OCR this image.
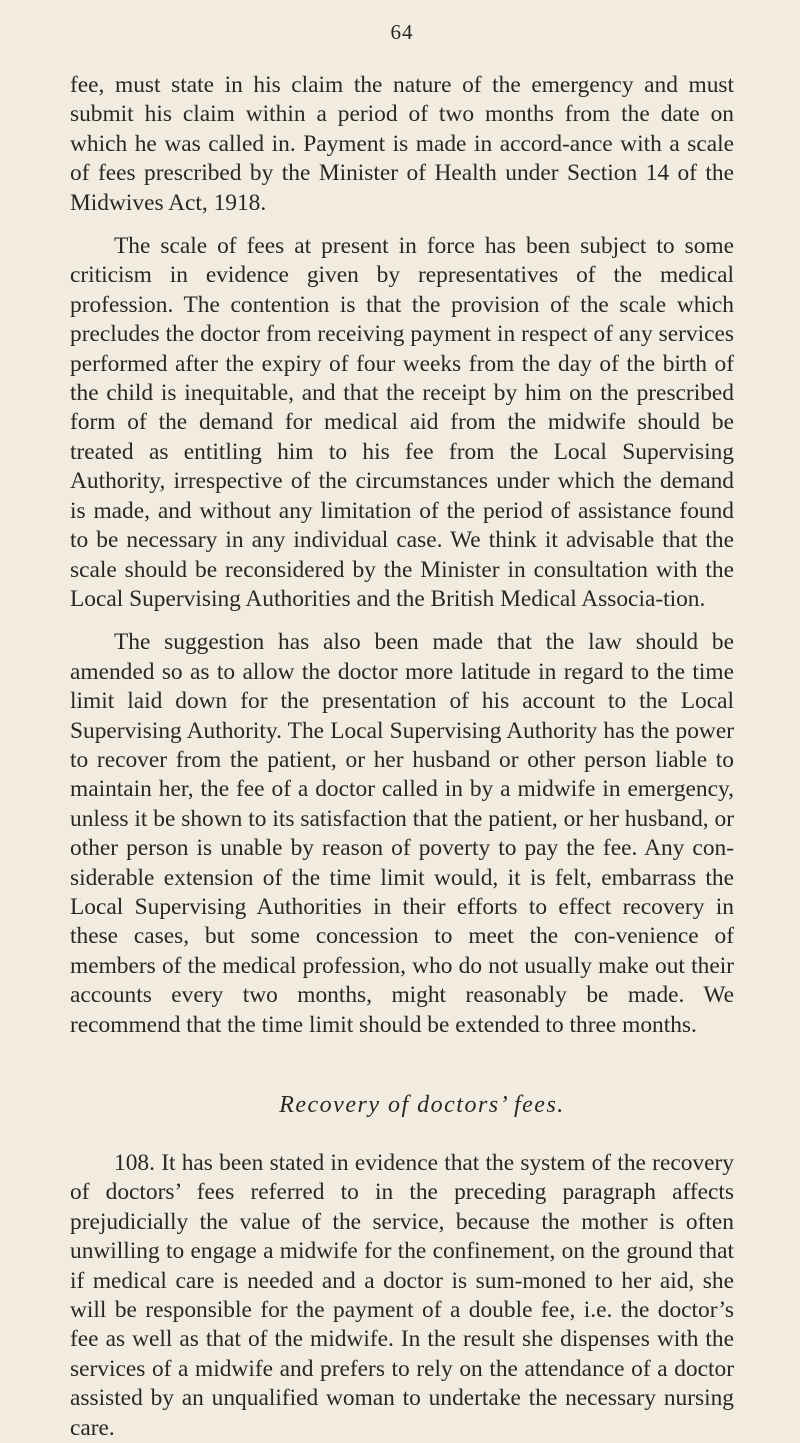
64

fee, must state in his claim the nature of the emergency and must submit his claim within a period of two months from the date on which he was called in. Payment is made in accord-ance with a scale of fees prescribed by the Minister of Health under Section 14 of the Midwives Act, 1918.

The scale of fees at present in force has been subject to some criticism in evidence given by representatives of the medical profession. The contention is that the provision of the scale which precludes the doctor from receiving payment in respect of any services performed after the expiry of four weeks from the day of the birth of the child is inequitable, and that the receipt by him on the prescribed form of the demand for medical aid from the midwife should be treated as entitling him to his fee from the Local Supervising Authority, irrespective of the circumstances under which the demand is made, and without any limitation of the period of assistance found to be necessary in any individual case. We think it advisable that the scale should be reconsidered by the Minister in consultation with the Local Supervising Authorities and the British Medical Associa-tion.

The suggestion has also been made that the law should be amended so as to allow the doctor more latitude in regard to the time limit laid down for the presentation of his account to the Local Supervising Authority. The Local Supervising Authority has the power to recover from the patient, or her husband or other person liable to maintain her, the fee of a doctor called in by a midwife in emergency, unless it be shown to its satisfaction that the patient, or her husband, or other person is unable by reason of poverty to pay the fee. Any con-siderable extension of the time limit would, it is felt, embarrass the Local Supervising Authorities in their efforts to effect recovery in these cases, but some concession to meet the con-venience of members of the medical profession, who do not usually make out their accounts every two months, might reasonably be made. We recommend that the time limit should be extended to three months.

Recovery of doctors’ fees.

108. It has been stated in evidence that the system of the recovery of doctors’ fees referred to in the preceding paragraph affects prejudicially the value of the service, because the mother is often unwilling to engage a midwife for the confinement, on the ground that if medical care is needed and a doctor is sum-moned to her aid, she will be responsible for the payment of a double fee, i.e. the doctor’s fee as well as that of the midwife. In the result she dispenses with the services of a midwife and prefers to rely on the attendance of a doctor assisted by an unqualified woman to undertake the necessary nursing care.
